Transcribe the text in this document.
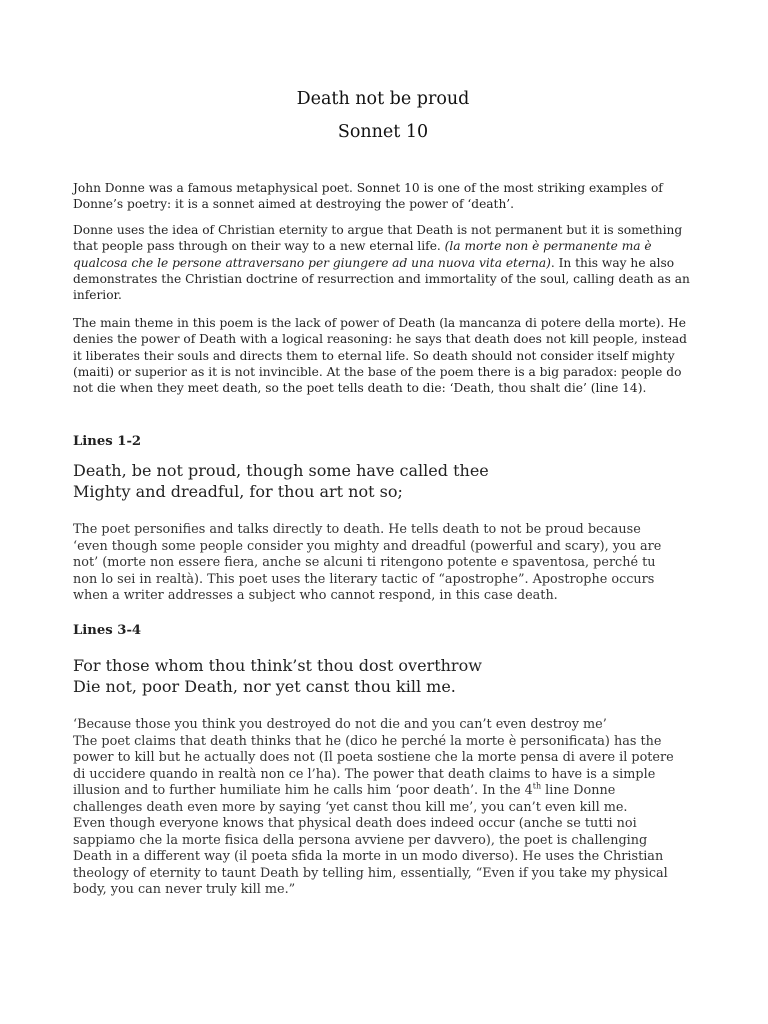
Death not be proud
Sonnet 10

John Donne was a famous metaphysical poet. Sonnet 10 is one of the most striking examples of
Donne’s poetry: it is a sonnet aimed at destroying the power of ‘death’.

Donne uses the idea of Christian eternity to argue that Death is not permanent but it is something
that people pass through on their way to a new eternal life. (la morte non è permanente ma è
qualcosa che le persone attraversano per giungere ad una nuova vita eterna). In this way he also
demonstrates the Christian doctrine of resurrection and immortality of the soul, calling death as an
inferior.

The main theme in this poem is the lack of power of Death (la mancanza di potere della morte). He
denies the power of Death with a logical reasoning: he says that death does not kill people, instead
it liberates their souls and directs them to eternal life. So death should not consider itself mighty
(maiti) or superior as it is not invincible. At the base of the poem there is a big paradox: people do
not die when they meet death, so the poet tells death to die: ‘Death, thou shalt die’ (line 14).

Lines 1-2
Death, be not proud, though some have called thee
Mighty and dreadful, for thou art not so;
The poet personifies and talks directly to death. He tells death to not be proud because
‘even though some people consider you mighty and dreadful (powerful and scary), you are
not’ (morte non essere fiera, anche se alcuni ti ritengono potente e spaventosa, perché tu
non lo sei in realtà). This poet uses the literary tactic of “apostrophe”. Apostrophe occurs
when a writer addresses a subject who cannot respond, in this case death.
Lines 3-4
For those whom thou think’st thou dost overthrow
Die not, poor Death, nor yet canst thou kill me.
‘Because those you think you destroyed do not die and you can’t even destroy me’
The poet claims that death thinks that he (dico he perché la morte è personificata) has the
power to kill but he actually does not (Il poeta sostiene che la morte pensa di avere il potere
di uccidere quando in realtà non ce l’ha). The power that death claims to have is a simple
illusion and to further humiliate him he calls him ‘poor death’. In the 4th line Donne
challenges death even more by saying ‘yet canst thou kill me’, you can’t even kill me.
Even though everyone knows that physical death does indeed occur (anche se tutti noi
sappiamo che la morte fisica della persona avviene per davvero), the poet is challenging
Death in a different way (il poeta sfida la morte in un modo diverso). He uses the Christian
theology of eternity to taunt Death by telling him, essentially, “Even if you take my physical
body, you can never truly kill me.”
